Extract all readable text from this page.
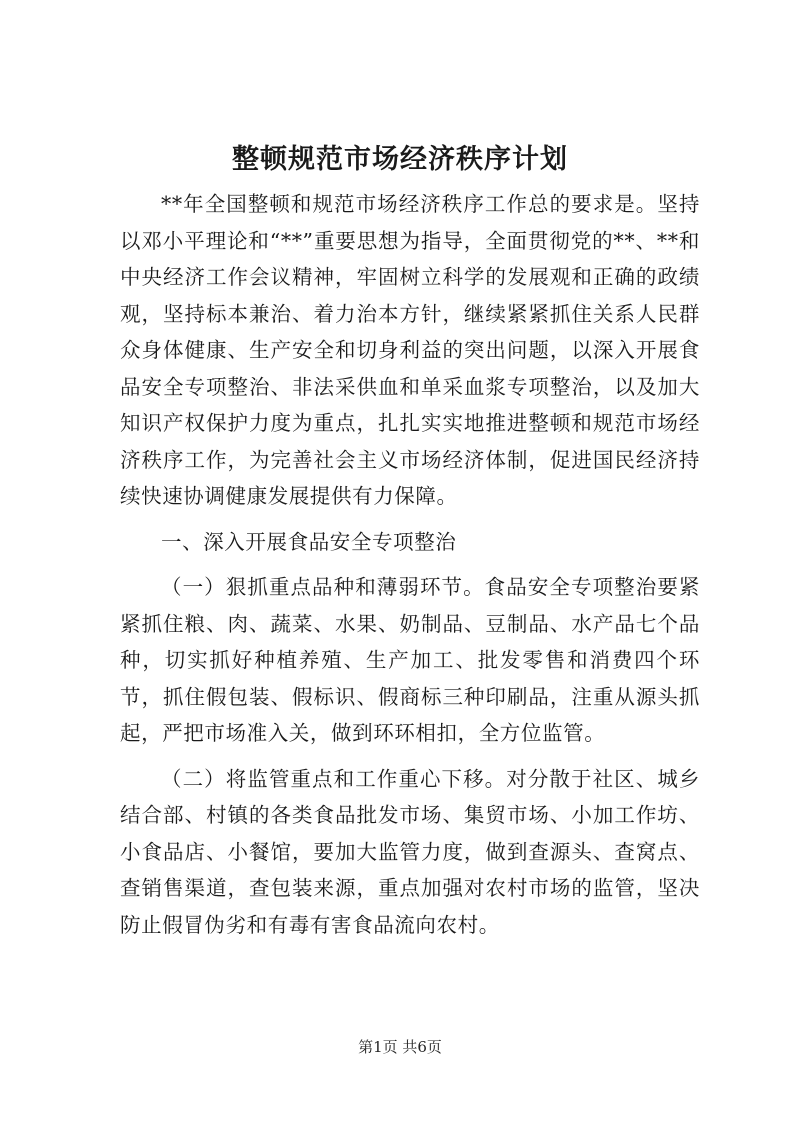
整顿规范市场经济秩序计划

**年全国整顿和规范市场经济秩序工作总的要求是。坚持以邓小平理论和“**”重要思想为指导，全面贯彻党的**、**和中央经济工作会议精神，牢固树立科学的发展观和正确的政绩观，坚持标本兼治、着力治本方针，继续紧紧抓住关系人民群众身体健康、生产安全和切身利益的突出问题，以深入开展食品安全专项整治、非法采供血和单采血浆专项整治，以及加大知识产权保护力度为重点，扎扎实实地推进整顿和规范市场经济秩序工作，为完善社会主义市场经济体制，促进国民经济持续快速协调健康发展提供有力保障。

一、深入开展食品安全专项整治

（一）狠抓重点品种和薄弱环节。食品安全专项整治要紧紧抓住粮、肉、蔬菜、水果、奶制品、豆制品、水产品七个品种，切实抓好种植养殖、生产加工、批发零售和消费四个环节，抓住假包装、假标识、假商标三种印刷品，注重从源头抓起，严把市场准入关，做到环环相扣，全方位监管。

（二）将监管重点和工作重心下移。对分散于社区、城乡结合部、村镇的各类食品批发市场、集贸市场、小加工作坊、小食品店、小餐馆，要加大监管力度，做到查源头、查窝点、查销售渠道，查包装来源，重点加强对农村市场的监管，坚决防止假冒伪劣和有毒有害食品流向农村。

第1页 共6页
